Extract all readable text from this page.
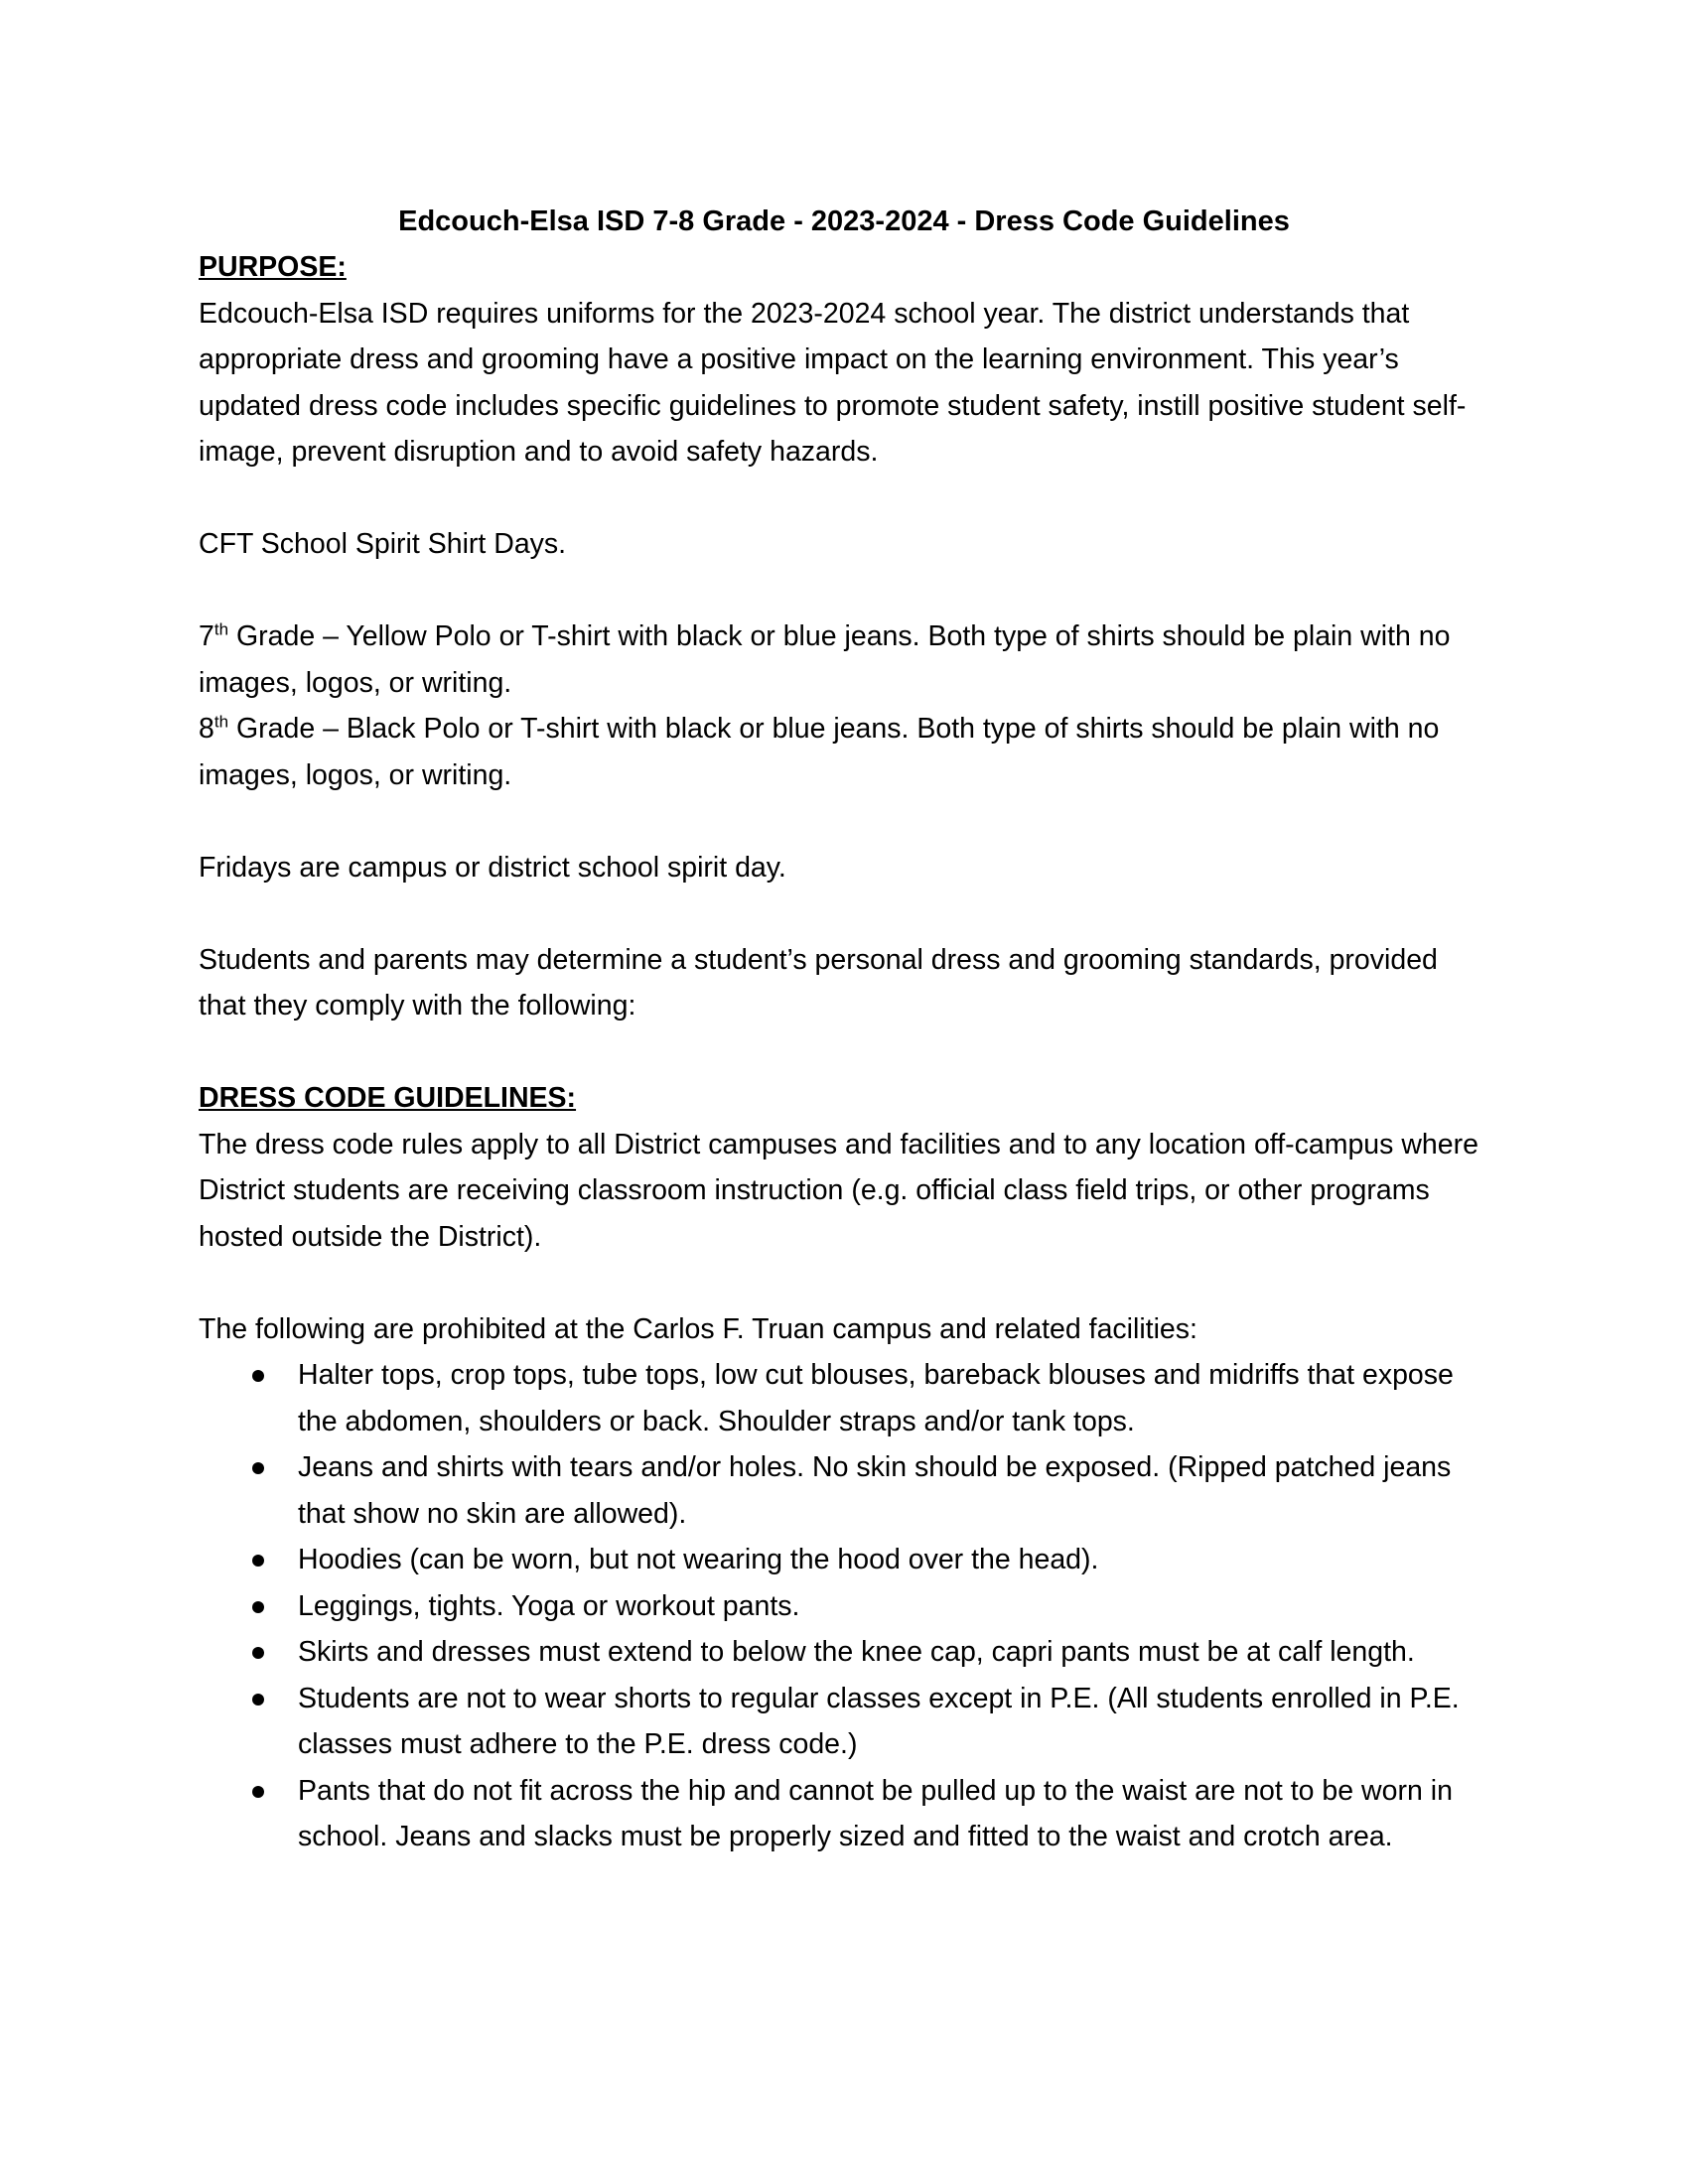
Edcouch-Elsa ISD 7-8 Grade - 2023-2024 - Dress Code Guidelines

PURPOSE:

Edcouch-Elsa ISD requires uniforms for the 2023-2024 school year. The district understands that appropriate dress and grooming have a positive impact on the learning environment. This year’s updated dress code includes specific guidelines to promote student safety, instill positive student self-image, prevent disruption and to avoid safety hazards.

CFT School Spirit Shirt Days.

7th Grade – Yellow Polo or T-shirt with black or blue jeans. Both type of shirts should be plain with no images, logos, or writing.

8th Grade – Black Polo or T-shirt with black or blue jeans. Both type of shirts should be plain with no images, logos, or writing.

Fridays are campus or district school spirit day.

Students and parents may determine a student’s personal dress and grooming standards, provided that they comply with the following:

DRESS CODE GUIDELINES:

The dress code rules apply to all District campuses and facilities and to any location off-campus where District students are receiving classroom instruction (e.g. official class field trips, or other programs hosted outside the District).

The following are prohibited at the Carlos F. Truan campus and related facilities:

Halter tops, crop tops, tube tops, low cut blouses, bareback blouses and midriffs that expose the abdomen, shoulders or back. Shoulder straps and/or tank tops.
Jeans and shirts with tears and/or holes. No skin should be exposed. (Ripped patched jeans that show no skin are allowed).
Hoodies (can be worn, but not wearing the hood over the head).
Leggings, tights. Yoga or workout pants.
Skirts and dresses must extend to below the knee cap, capri pants must be at calf length.
Students are not to wear shorts to regular classes except in P.E. (All students enrolled in P.E. classes must adhere to the P.E. dress code.)
Pants that do not fit across the hip and cannot be pulled up to the waist are not to be worn in school. Jeans and slacks must be properly sized and fitted to the waist and crotch area.
